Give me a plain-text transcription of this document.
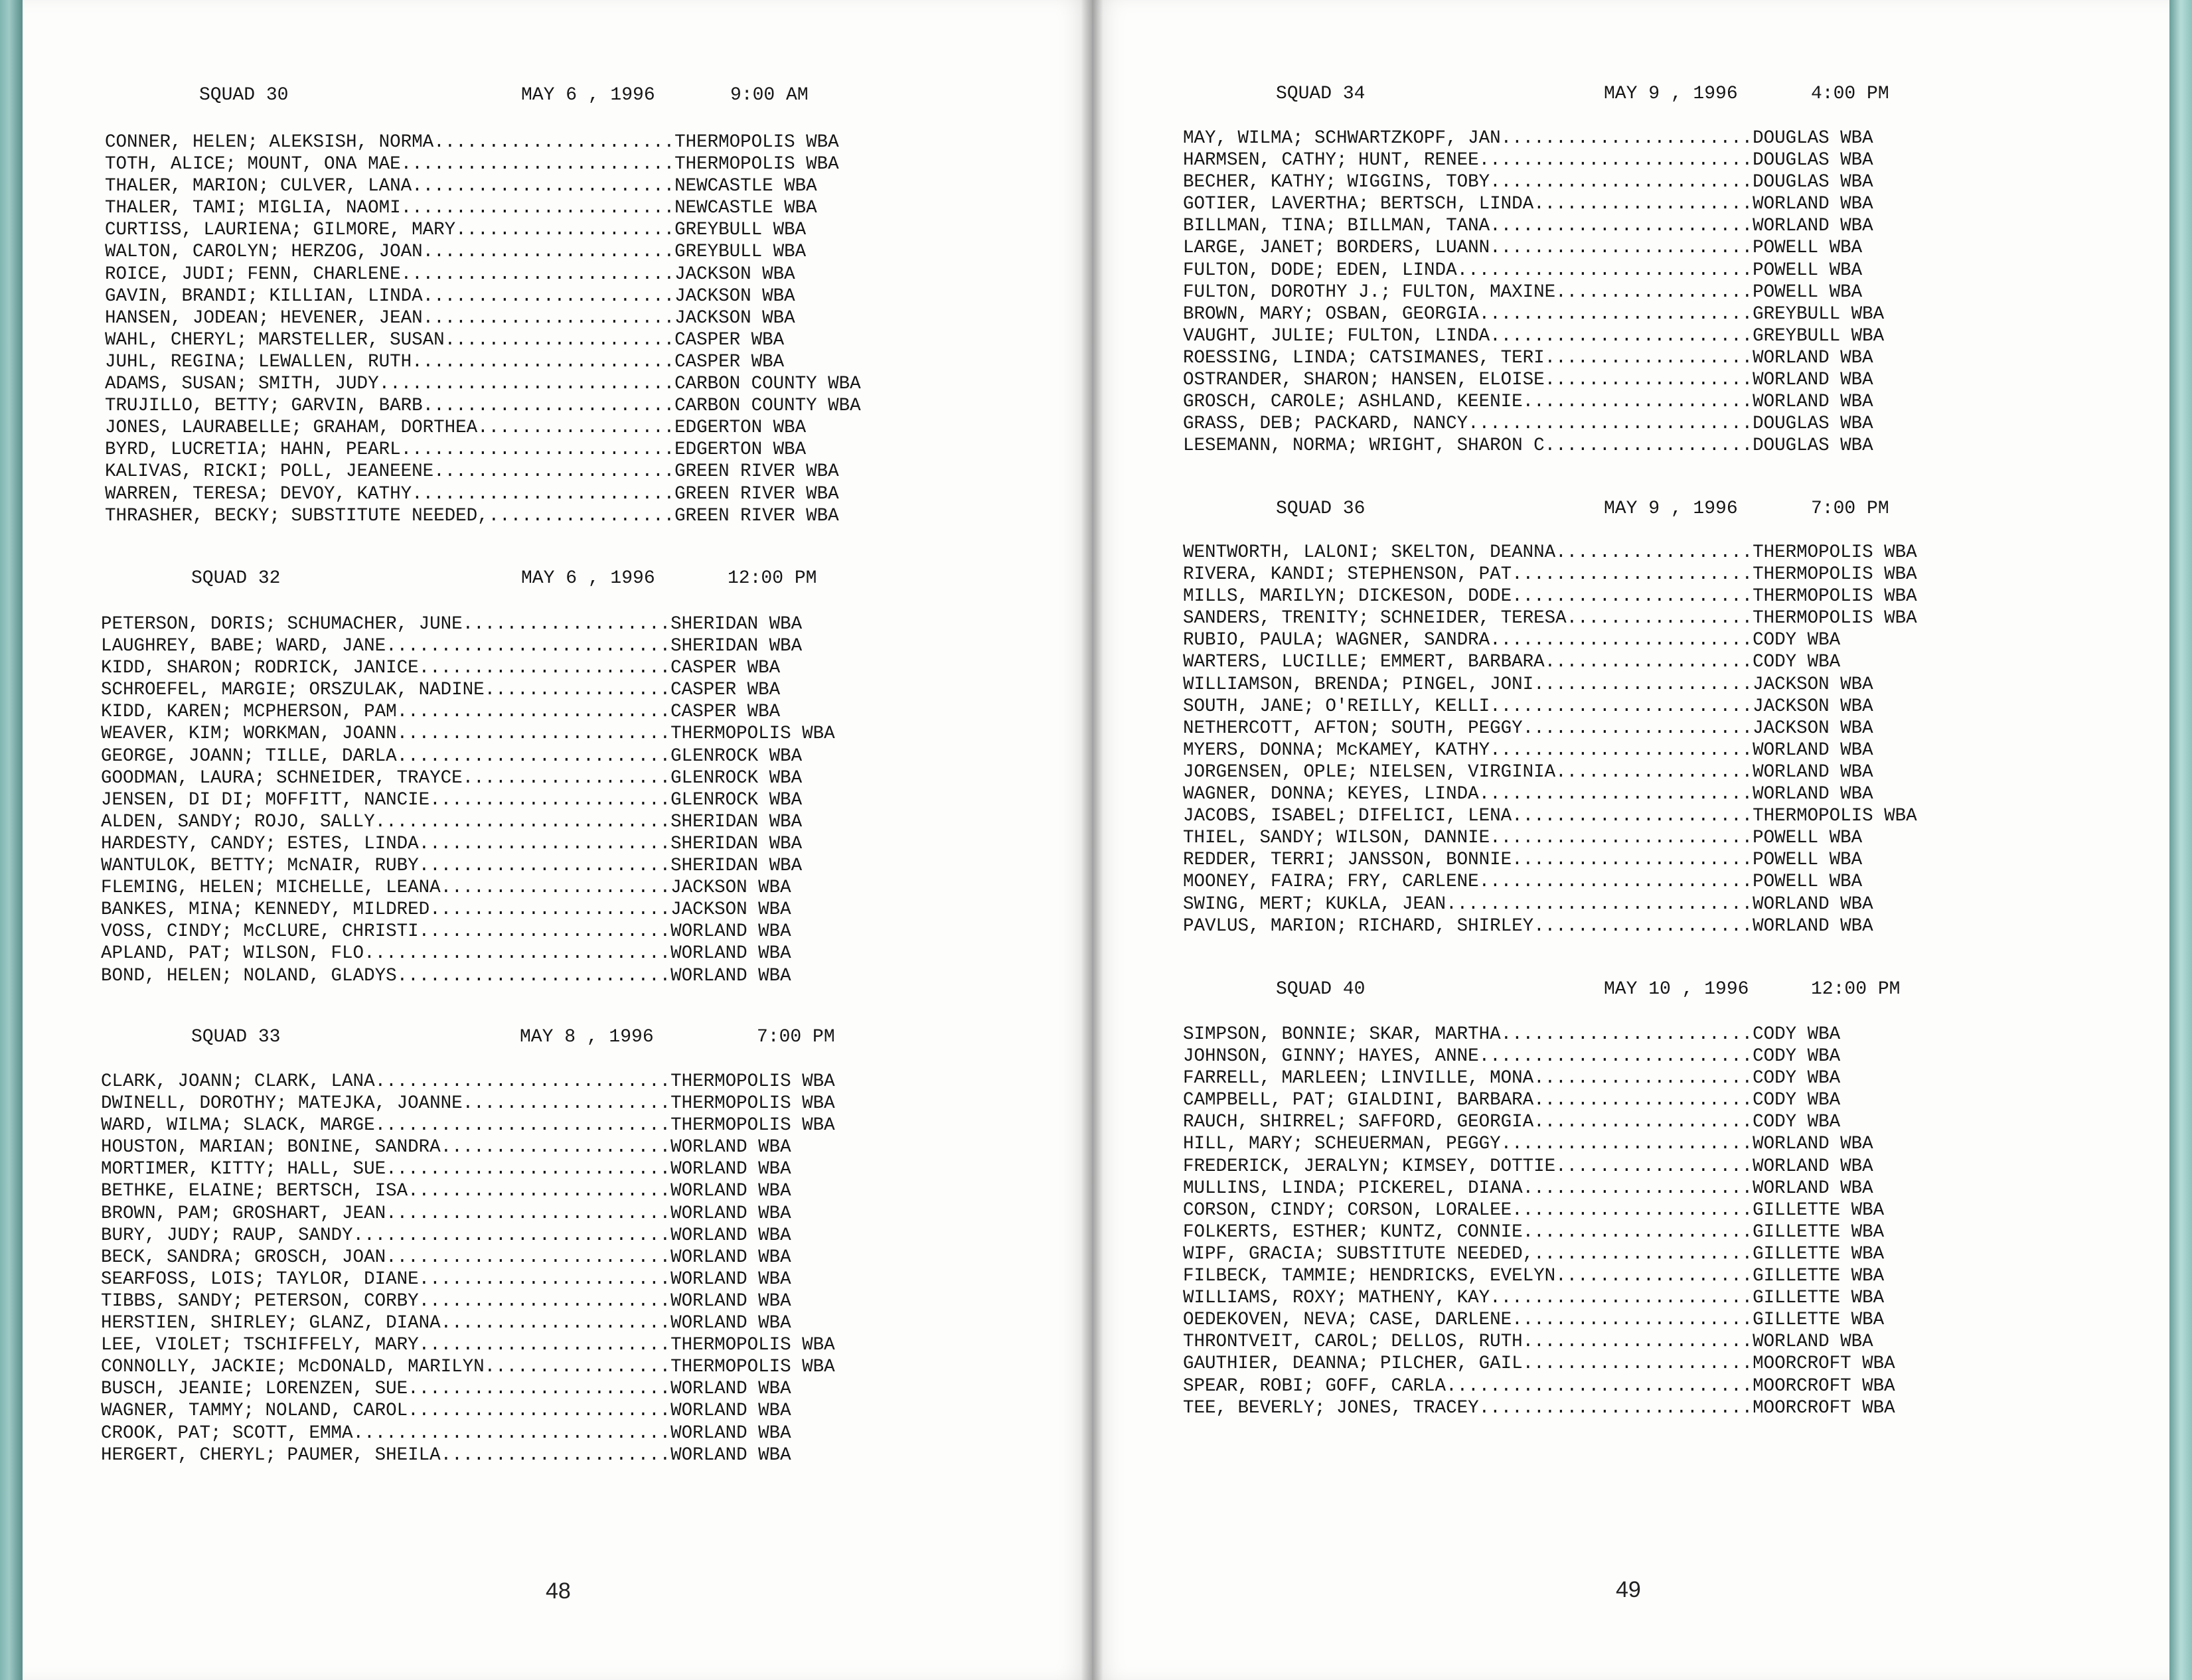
SQUAD 30

	MAY 6 , 1996

	9:00 AM

CONNER, HELEN; ALEKSISH, NORMA......................THERMOPOLIS WBA
TOTH, ALICE; MOUNT, ONA MAE.........................THERMOPOLIS WBA
THALER, MARION; CULVER, LANA........................NEWCASTLE WBA
THALER, TAMI; MIGLIA, NAOMI.........................NEWCASTLE WBA
CURTISS, LAURIENA; GILMORE, MARY....................GREYBULL WBA
WALTON, CAROLYN; HERZOG, JOAN.......................GREYBULL WBA
ROICE, JUDI; FENN, CHARLENE.........................JACKSON WBA
GAVIN, BRANDI; KILLIAN, LINDA.......................JACKSON WBA
HANSEN, JODEAN; HEVENER, JEAN.......................JACKSON WBA
WAHL, CHERYL; MARSTELLER, SUSAN.....................CASPER WBA
JUHL, REGINA; LEWALLEN, RUTH........................CASPER WBA
ADAMS, SUSAN; SMITH, JUDY...........................CARBON COUNTY WBA
TRUJILLO, BETTY; GARVIN, BARB.......................CARBON COUNTY WBA
JONES, LAURABELLE; GRAHAM, DORTHEA..................EDGERTON WBA
BYRD, LUCRETIA; HAHN, PEARL.........................EDGERTON WBA
KALIVAS, RICKI; POLL, JEANEENE......................GREEN RIVER WBA
WARREN, TERESA; DEVOY, KATHY........................GREEN RIVER WBA
THRASHER, BECKY; SUBSTITUTE NEEDED,.................GREEN RIVER WBA

SQUAD 32

	MAY 6 , 1996

	12:00 PM

PETERSON, DORIS; SCHUMACHER, JUNE...................SHERIDAN WBA
LAUGHREY, BABE; WARD, JANE..........................SHERIDAN WBA
KIDD, SHARON; RODRICK, JANICE.......................CASPER WBA
SCHROEFEL, MARGIE; ORSZULAK, NADINE.................CASPER WBA
KIDD, KAREN; MCPHERSON, PAM.........................CASPER WBA
WEAVER, KIM; WORKMAN, JOANN.........................THERMOPOLIS WBA
GEORGE, JOANN; TILLE, DARLA.........................GLENROCK WBA
GOODMAN, LAURA; SCHNEIDER, TRAYCE...................GLENROCK WBA
JENSEN, DI DI; MOFFITT, NANCIE......................GLENROCK WBA
ALDEN, SANDY; ROJO, SALLY...........................SHERIDAN WBA
HARDESTY, CANDY; ESTES, LINDA.......................SHERIDAN WBA
WANTULOK, BETTY; McNAIR, RUBY.......................SHERIDAN WBA
FLEMING, HELEN; MICHELLE, LEANA.....................JACKSON WBA
BANKES, MINA; KENNEDY, MILDRED......................JACKSON WBA
VOSS, CINDY; McCLURE, CHRISTI.......................WORLAND WBA
APLAND, PAT; WILSON, FLO............................WORLAND WBA
BOND, HELEN; NOLAND, GLADYS.........................WORLAND WBA

SQUAD 33

	MAY 8 , 1996

	7:00 PM

CLARK, JOANN; CLARK, LANA...........................THERMOPOLIS WBA
DWINELL, DOROTHY; MATEJKA, JOANNE...................THERMOPOLIS WBA
WARD, WILMA; SLACK, MARGE...........................THERMOPOLIS WBA
HOUSTON, MARIAN; BONINE, SANDRA.....................WORLAND WBA
MORTIMER, KITTY; HALL, SUE..........................WORLAND WBA
BETHKE, ELAINE; BERTSCH, ISA........................WORLAND WBA
BROWN, PAM; GROSHART, JEAN..........................WORLAND WBA
BURY, JUDY; RAUP, SANDY.............................WORLAND WBA
BECK, SANDRA; GROSCH, JOAN..........................WORLAND WBA
SEARFOSS, LOIS; TAYLOR, DIANE.......................WORLAND WBA
TIBBS, SANDY; PETERSON, CORBY.......................WORLAND WBA
HERSTIEN, SHIRLEY; GLANZ, DIANA.....................WORLAND WBA
LEE, VIOLET; TSCHIFFELY, MARY.......................THERMOPOLIS WBA
CONNOLLY, JACKIE; McDONALD, MARILYN.................THERMOPOLIS WBA
BUSCH, JEANIE; LORENZEN, SUE........................WORLAND WBA
WAGNER, TAMMY; NOLAND, CAROL........................WORLAND WBA
CROOK, PAT; SCOTT, EMMA.............................WORLAND WBA
HERGERT, CHERYL; PAUMER, SHEILA.....................WORLAND WBA
48

SQUAD 34

	MAY 9 , 1996

	4:00 PM

MAY, WILMA; SCHWARTZKOPF, JAN.......................DOUGLAS WBA
HARMSEN, CATHY; HUNT, RENEE.........................DOUGLAS WBA
BECHER, KATHY; WIGGINS, TOBY........................DOUGLAS WBA
GOTIER, LAVERTHA; BERTSCH, LINDA....................WORLAND WBA
BILLMAN, TINA; BILLMAN, TANA........................WORLAND WBA
LARGE, JANET; BORDERS, LUANN........................POWELL WBA
FULTON, DODE; EDEN, LINDA...........................POWELL WBA
FULTON, DOROTHY J.; FULTON, MAXINE..................POWELL WBA
BROWN, MARY; OSBAN, GEORGIA.........................GREYBULL WBA
VAUGHT, JULIE; FULTON, LINDA........................GREYBULL WBA
ROESSING, LINDA; CATSIMANES, TERI...................WORLAND WBA
OSTRANDER, SHARON; HANSEN, ELOISE...................WORLAND WBA
GROSCH, CAROLE; ASHLAND, KEENIE.....................WORLAND WBA
GRASS, DEB; PACKARD, NANCY..........................DOUGLAS WBA
LESEMANN, NORMA; WRIGHT, SHARON C...................DOUGLAS WBA

SQUAD 36

	MAY 9 , 1996

	7:00 PM

WENTWORTH, LALONI; SKELTON, DEANNA..................THERMOPOLIS WBA
RIVERA, KANDI; STEPHENSON, PAT......................THERMOPOLIS WBA
MILLS, MARILYN; DICKESON, DODE......................THERMOPOLIS WBA
SANDERS, TRENITY; SCHNEIDER, TERESA.................THERMOPOLIS WBA
RUBIO, PAULA; WAGNER, SANDRA........................CODY WBA
WARTERS, LUCILLE; EMMERT, BARBARA...................CODY WBA
WILLIAMSON, BRENDA; PINGEL, JONI....................JACKSON WBA
SOUTH, JANE; O'REILLY, KELLI........................JACKSON WBA
NETHERCOTT, AFTON; SOUTH, PEGGY.....................JACKSON WBA
MYERS, DONNA; McKAMEY, KATHY........................WORLAND WBA
JORGENSEN, OPLE; NIELSEN, VIRGINIA..................WORLAND WBA
WAGNER, DONNA; KEYES, LINDA.........................WORLAND WBA
JACOBS, ISABEL; DIFELICI, LENA......................THERMOPOLIS WBA
THIEL, SANDY; WILSON, DANNIE........................POWELL WBA
REDDER, TERRI; JANSSON, BONNIE......................POWELL WBA
MOONEY, FAIRA; FRY, CARLENE.........................POWELL WBA
SWING, MERT; KUKLA, JEAN............................WORLAND WBA
PAVLUS, MARION; RICHARD, SHIRLEY....................WORLAND WBA

SQUAD 40

	MAY 10 , 1996

	12:00 PM

SIMPSON, BONNIE; SKAR, MARTHA.......................CODY WBA
JOHNSON, GINNY; HAYES, ANNE.........................CODY WBA
FARRELL, MARLEEN; LINVILLE, MONA....................CODY WBA
CAMPBELL, PAT; GIALDINI, BARBARA....................CODY WBA
RAUCH, SHIRREL; SAFFORD, GEORGIA....................CODY WBA
HILL, MARY; SCHEUERMAN, PEGGY.......................WORLAND WBA
FREDERICK, JERALYN; KIMSEY, DOTTIE..................WORLAND WBA
MULLINS, LINDA; PICKEREL, DIANA.....................WORLAND WBA
CORSON, CINDY; CORSON, LORALEE......................GILLETTE WBA
FOLKERTS, ESTHER; KUNTZ, CONNIE.....................GILLETTE WBA
WIPF, GRACIA; SUBSTITUTE NEEDED,....................GILLETTE WBA
FILBECK, TAMMIE; HENDRICKS, EVELYN..................GILLETTE WBA
WILLIAMS, ROXY; MATHENY, KAY........................GILLETTE WBA
OEDEKOVEN, NEVA; CASE, DARLENE......................GILLETTE WBA
THRONTVEIT, CAROL; DELLOS, RUTH.....................WORLAND WBA
GAUTHIER, DEANNA; PILCHER, GAIL.....................MOORCROFT WBA
SPEAR, ROBI; GOFF, CARLA............................MOORCROFT WBA
TEE, BEVERLY; JONES, TRACEY.........................MOORCROFT WBA
49
